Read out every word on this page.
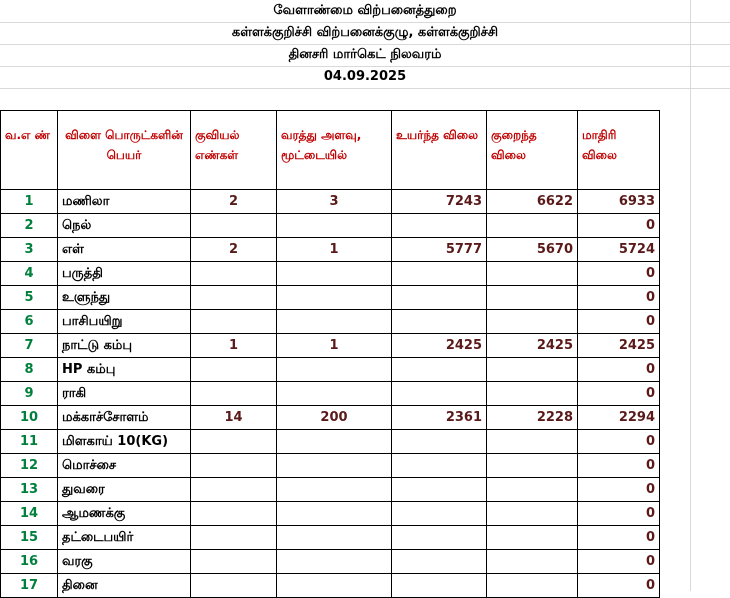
வேளாண்மை விற்பனைத்துறை
கள்ளக்குறிச்சி விற்பனைக்குழு, கள்ளக்குறிச்சி
தினசரி மார்கெட் நிலவரம்
04.09.2025
வ.எ ண்	விளை பொருட்களின் பெயர்	குவியல் எண்கள்	வரத்து அளவு, மூட்டையில்	உயர்ந்த விலை	குறைந்த விலை	மாதிரி விலை
1	மணிலா	2	3	7243	6622	6933
2	நெல்					0
3	எள்	2	1	5777	5670	5724
4	பருத்தி					0
5	உளுந்து					0
6	பாசிபயிறு					0
7	நாட்டு கம்பு	1	1	2425	2425	2425
8	HP கம்பு					0
9	ராகி					0
10	மக்காச்சோளம்	14	200	2361	2228	2294
11	மிளகாய் 10(KG)					0
12	மொச்சை					0
13	துவரை					0
14	ஆமணக்கு					0
15	தட்டைபயிர்					0
16	வரகு					0
17	தினை					0
